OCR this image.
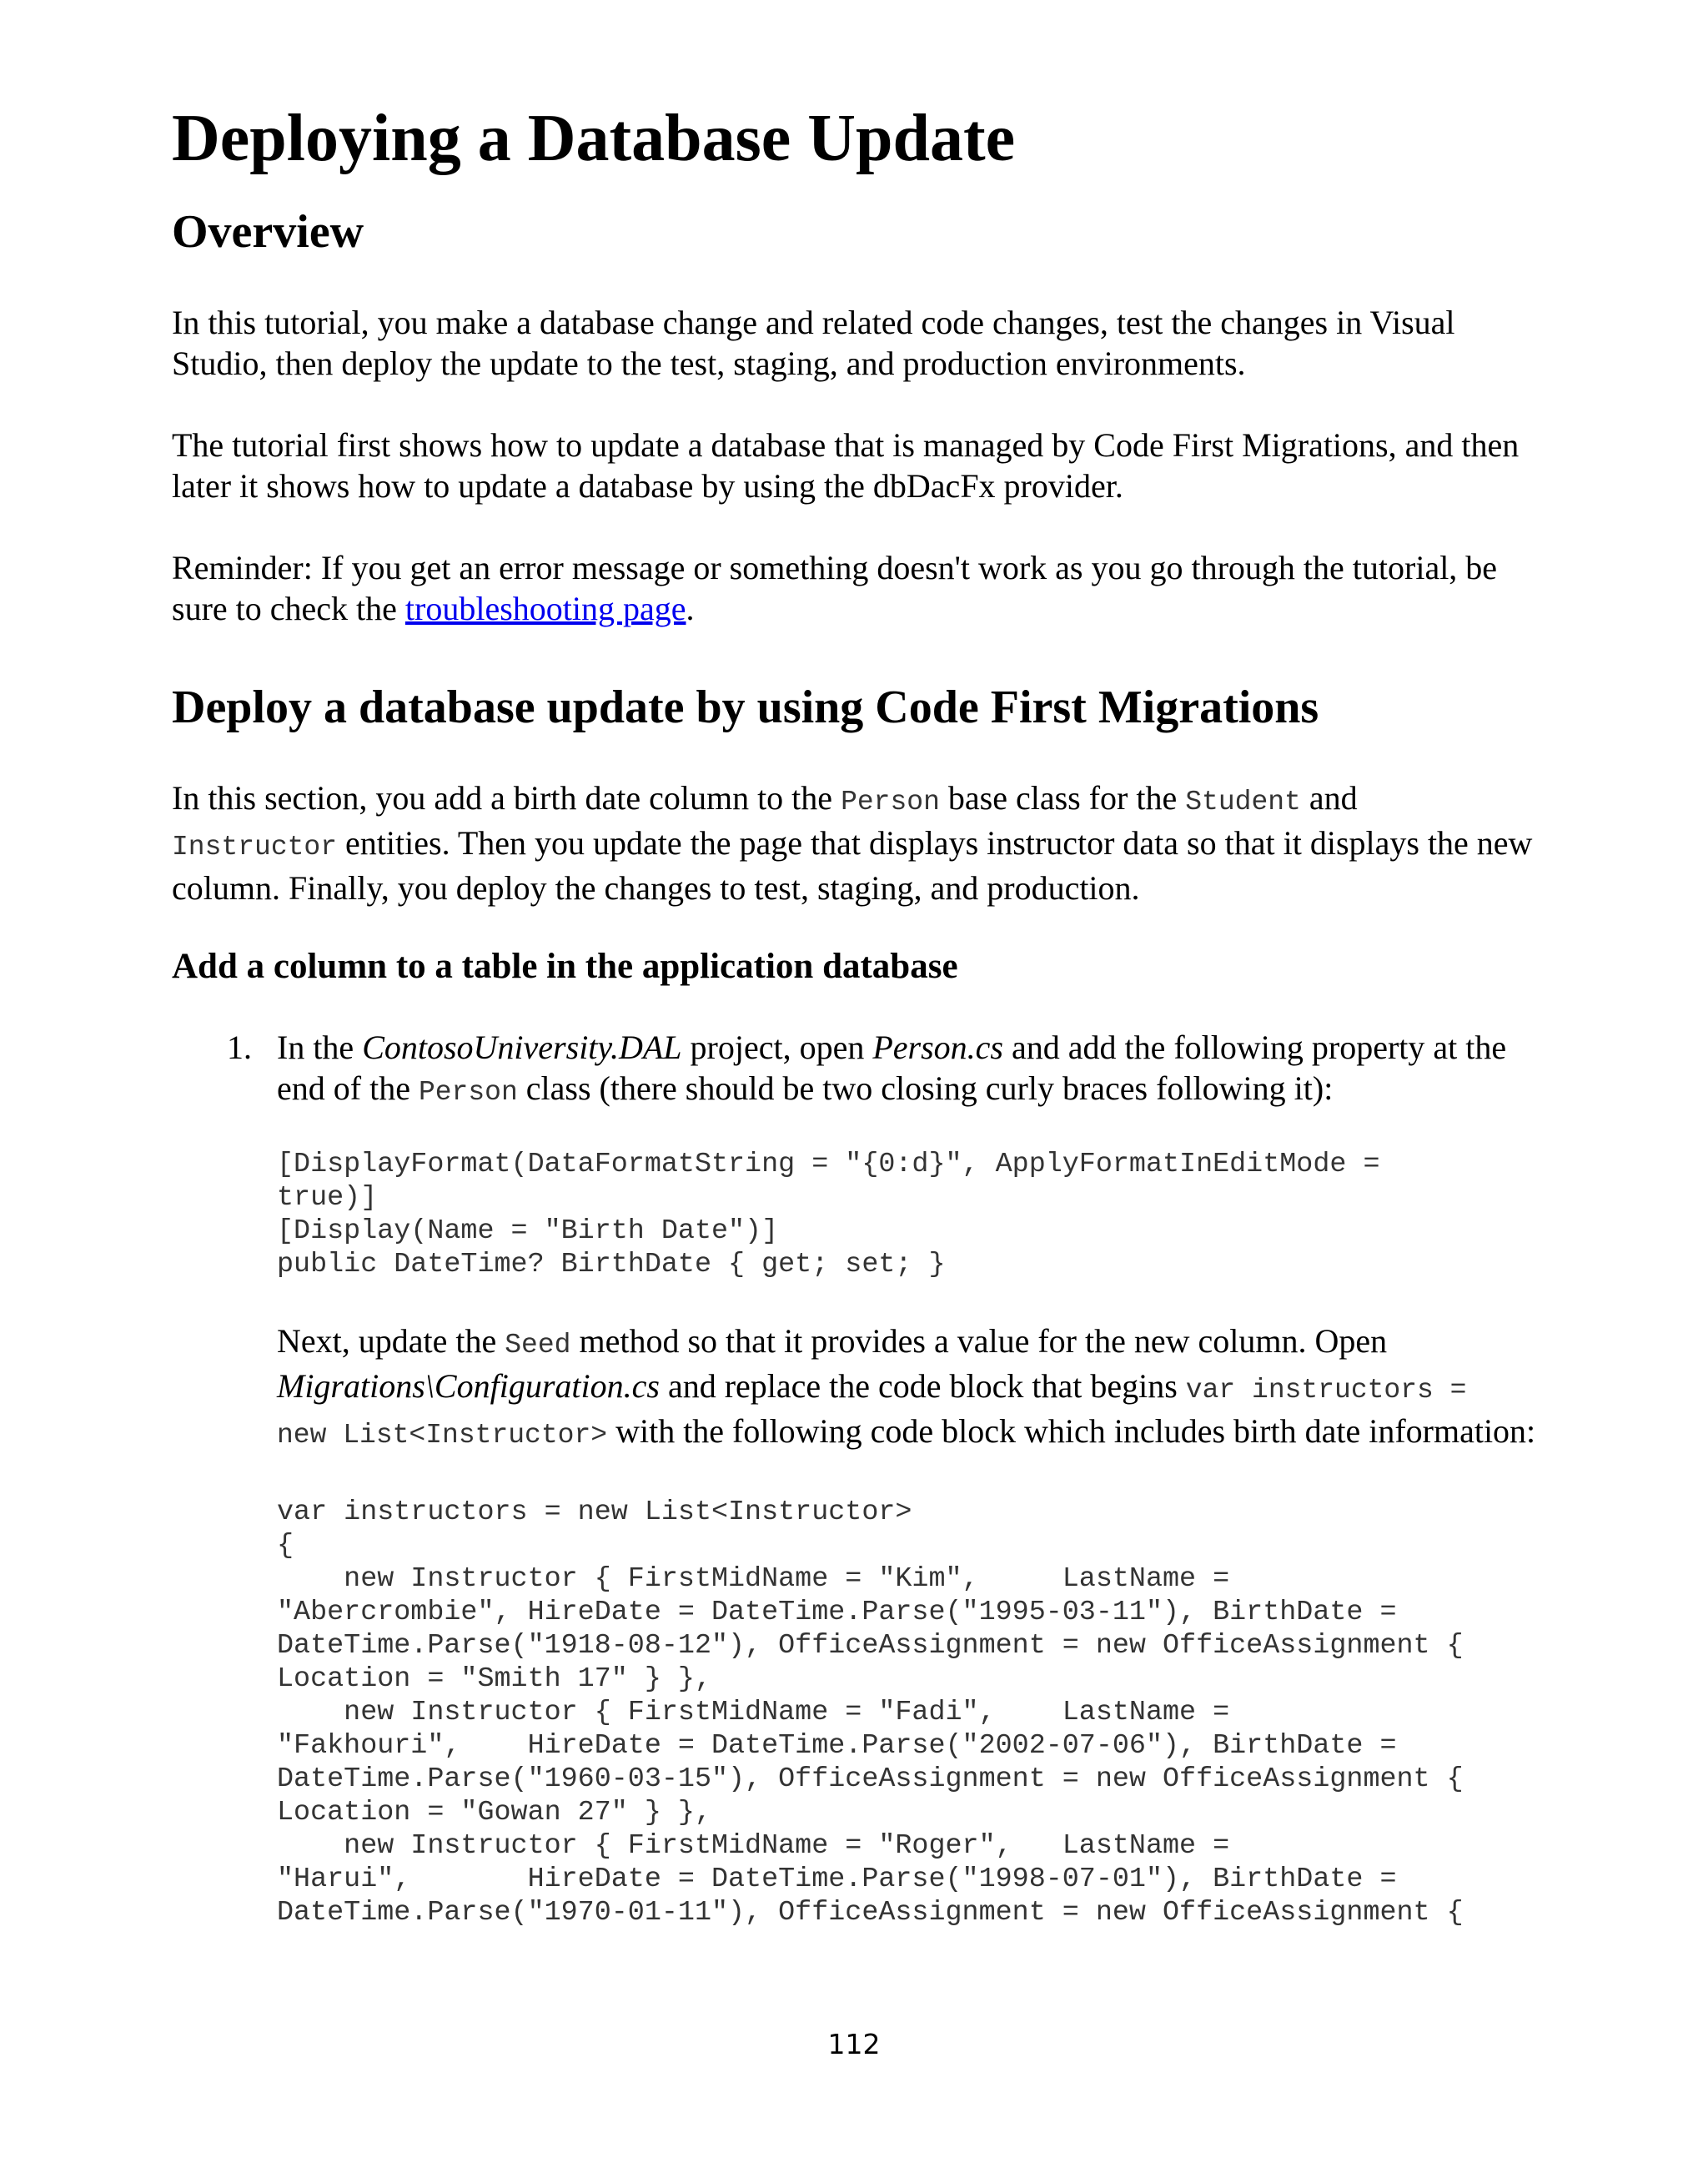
Deploying a Database Update
Overview

In this tutorial, you make a database change and related code changes, test the changes in Visual Studio, then deploy the update to the test, staging, and production environments.

The tutorial first shows how to update a database that is managed by Code First Migrations, and then later it shows how to update a database by using the dbDacFx provider.

Reminder: If you get an error message or something doesn't work as you go through the tutorial, be sure to check the troubleshooting page.

Deploy a database update by using Code First Migrations

In this section, you add a birth date column to the Person base class for the Student and
Instructor entities. Then you update the page that displays instructor data so that it displays the new column. Finally, you deploy the changes to test, staging, and production.

Add a column to a table in the application database
1. In the ContosoUniversity.DAL project, open Person.cs and add the following property at the end of the Person class (there should be two closing curly braces following it):

[DisplayFormat(DataFormatString = "{0:d}", ApplyFormatInEditMode =
true)]
[Display(Name = "Birth Date")]
public DateTime? BirthDate { get; set; }

Next, update the Seed method so that it provides a value for the new column. Open
Migrations\Configuration.cs and replace the code block that begins var instructors =
new List<Instructor> with the following code block which includes birth date information:

var instructors = new List<Instructor>
{
new Instructor { FirstMidName = "Kim",     LastName =
"Abercrombie", HireDate = DateTime.Parse("1995-03-11"), BirthDate =
DateTime.Parse("1918-08-12"), OfficeAssignment = new OfficeAssignment {
Location = "Smith 17" } },
new Instructor { FirstMidName = "Fadi",    LastName =
"Fakhouri",    HireDate = DateTime.Parse("2002-07-06"), BirthDate =
DateTime.Parse("1960-03-15"), OfficeAssignment = new OfficeAssignment {
Location = "Gowan 27" } },
new Instructor { FirstMidName = "Roger",   LastName =
"Harui",       HireDate = DateTime.Parse("1998-07-01"), BirthDate =
DateTime.Parse("1970-01-11"), OfficeAssignment = new OfficeAssignment {
112
